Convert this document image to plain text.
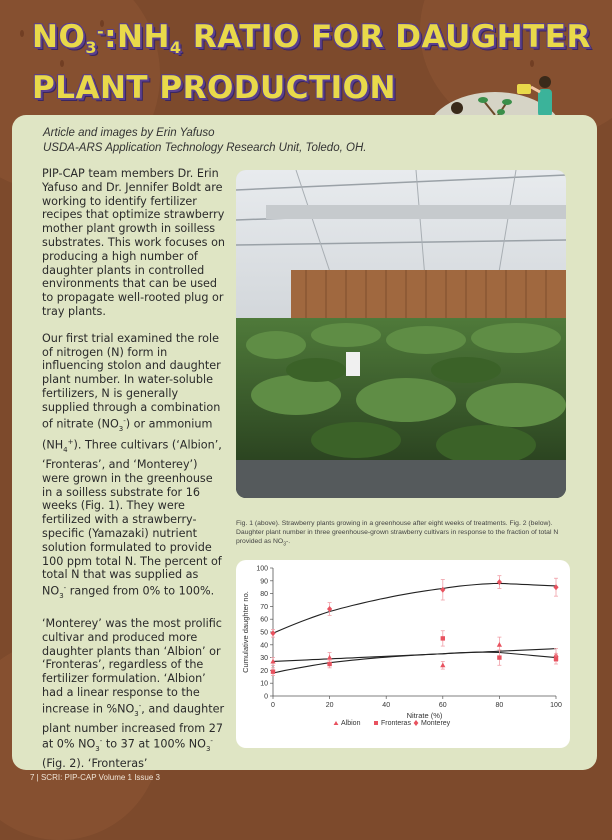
$NO_3^-:NH_4$ RATIO FOR DAUGHTER
PLANT PRODUCTION
Article and images by Erin Yafuso
USDA-ARS Application Technology Research Unit, Toledo, OH.

PIP-CAP team members Dr. Erin Yafuso and Dr. Jennifer Boldt are working to identify fertilizer recipes that optimize strawberry mother plant growth in soilless substrates. This work focuses on producing a high number of daughter plants in controlled environments that can be used to propagate well-rooted plug or tray plants.

Our first trial examined the role of nitrogen (N) form in influencing stolon and daughter plant number. In water-soluble fertilizers, N is generally supplied through a combination of nitrate $(NO_3^-)$ or ammonium $(NH_4^+)$. Three cultivars (‘Albion’, ‘Fronteras’, and ‘Monterey’) were grown in the greenhouse in a soilless substrate for 16 weeks (Fig. 1). They were fertilized with a strawberry-specific (Yamazaki) nutrient solution formulated to provide 100 ppm total N. The percent of total N that was supplied as $NO_3^-$ ranged from 0% to 100%.

‘Monterey’ was the most prolific cultivar and produced more daughter plants than ‘Albion’ or ‘Fronteras’, regardless of the fertilizer formulation. ‘Albion’ had a linear response to the increase in $\%NO_3^-$, and daughter plant number increased from 27 at 0% $NO_3^-$ to 37 at 100% $NO_3^-$ (Fig. 2). ‘Fronteras’

Fig. 1 (above). Strawberry plants growing in a greenhouse after eight weeks of treatments. Fig. 2 (below). Daughter plant number in three greenhouse-grown strawberry cultivars in response to the fraction of total N provided as $NO_3-$.
0
10
20
30
40
50
60
70
80
90
100
0	20	40	60	80	100
Nitrate (%)
Cumulative daughter no.
Albion	Fronteras Monterey
7 | SCRI: PIP-CAP Volume 1 Issue 3
